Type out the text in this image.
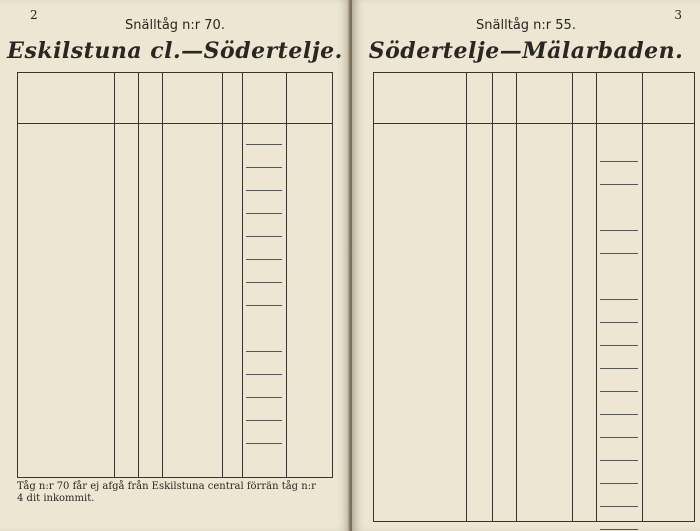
2
Snälltåg n:r 70.
Eskilstuna cl.—Södertelje.
Tåg n:r 70 får ej afgå från Eskilstuna central förrän tåg n:r 4 dit inkommit.
3
Snälltåg n:r 55.
Södertelje—Mälarbaden.
